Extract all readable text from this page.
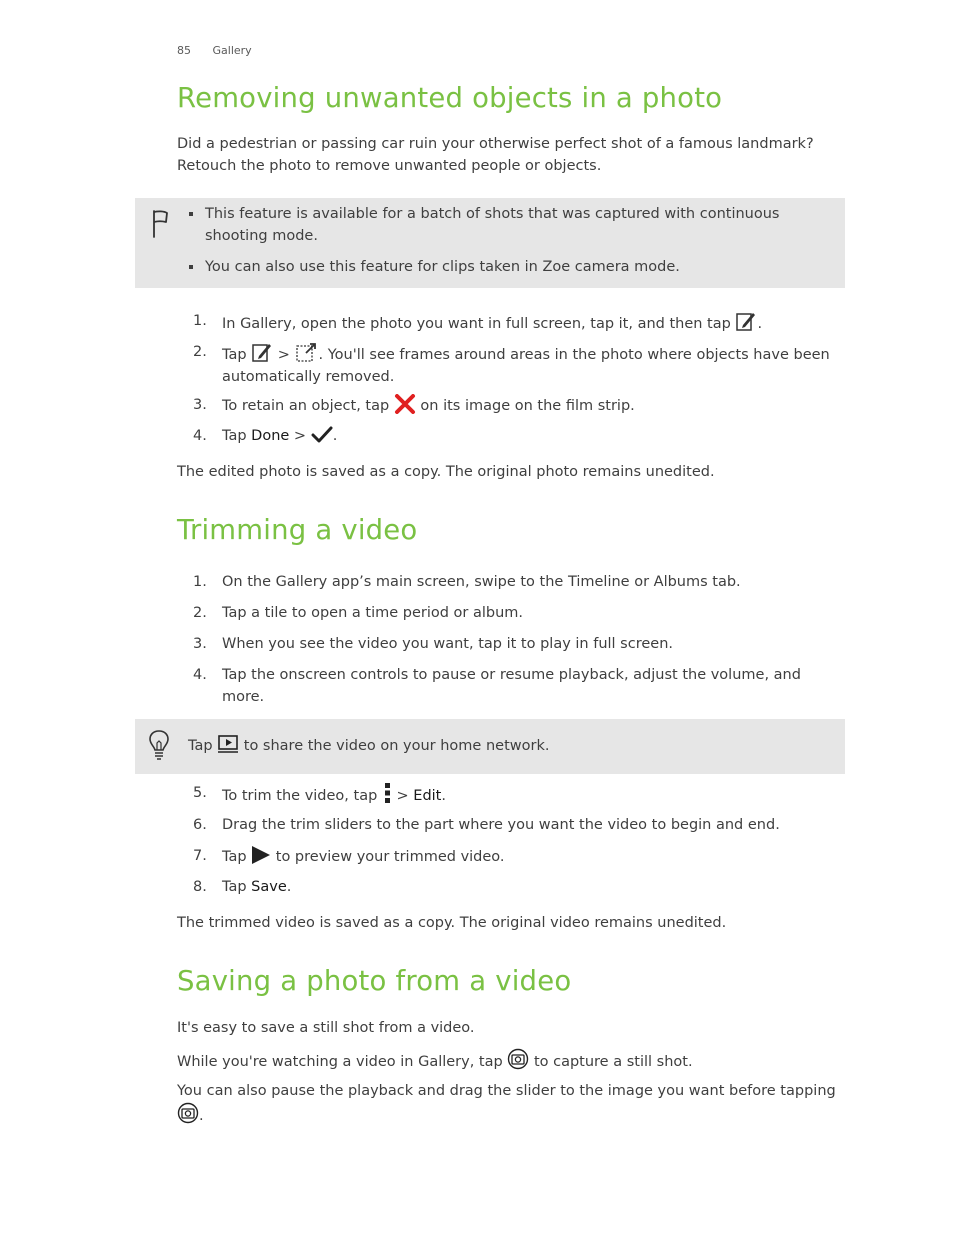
85 Gallery
Removing unwanted objects in a photo

Did a pedestrian or passing car ruin your otherwise perfect shot of a famous landmark? Retouch the photo to remove unwanted people or objects.

This feature is available for a batch of shots that was captured with continuous shooting mode.
You can also use this feature for clips taken in Zoe camera mode.
1.	In Gallery, open the photo you want in full screen, tap it, and then tap .
2.	Tap > . You'll see frames around areas in the photo where objects have been automatically removed.
3.	To retain an object, tap on its image on the film strip.
4.	Tap Done > .

The edited photo is saved as a copy. The original photo remains unedited.

Trimming a video
1.	On the Gallery app’s main screen, swipe to the Timeline or Albums tab.
2.	Tap a tile to open a time period or album.
3.	When you see the video you want, tap it to play in full screen.
4.	Tap the onscreen controls to pause or resume playback, adjust the volume, and more.
Tap to share the video on your home network.
5.	To trim the video, tap > Edit.
6.	Drag the trim sliders to the part where you want the video to begin and end.
7.	Tap to preview your trimmed video.
8.	Tap Save.

The trimmed video is saved as a copy. The original video remains unedited.

Saving a photo from a video

It's easy to save a still shot from a video.

While you're watching a video in Gallery, tap to capture a still shot.

You can also pause the playback and drag the slider to the image you want before tapping .
